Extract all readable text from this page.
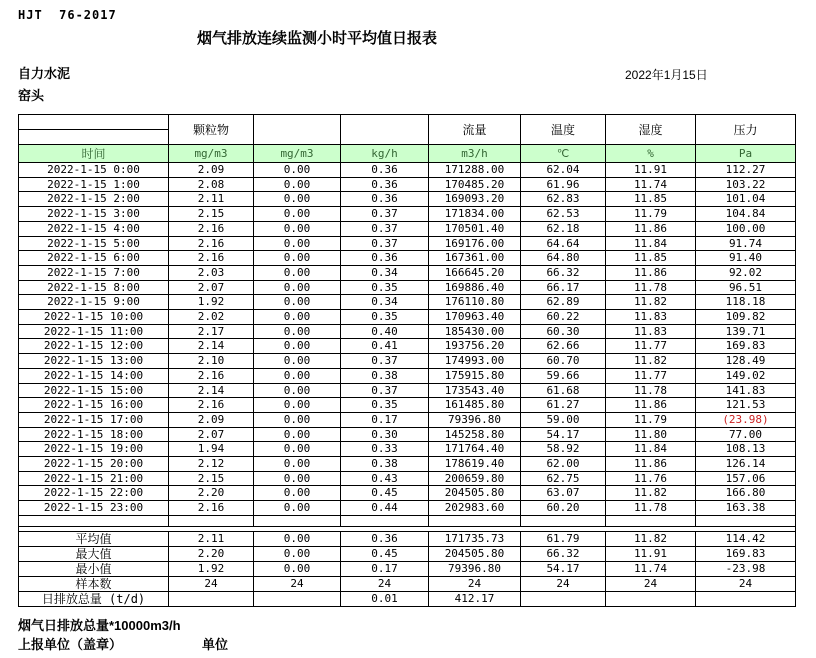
HJT  76-2017
烟气排放连续监测小时平均值日报表
自力水泥
窑头
2022年1月15日
	颗粒物			流量	温度	湿度	压力
时间	mg/m3	mg/m3	kg/h	m3/h	℃	%	Pa
2022-1-15 0:00	2.09	0.00	0.36	171288.00	62.04	11.91	112.27
2022-1-15 1:00	2.08	0.00	0.36	170485.20	61.96	11.74	103.22
2022-1-15 2:00	2.11	0.00	0.36	169093.20	62.83	11.85	101.04
2022-1-15 3:00	2.15	0.00	0.37	171834.00	62.53	11.79	104.84
2022-1-15 4:00	2.16	0.00	0.37	170501.40	62.18	11.86	100.00
2022-1-15 5:00	2.16	0.00	0.37	169176.00	64.64	11.84	91.74
2022-1-15 6:00	2.16	0.00	0.36	167361.00	64.80	11.85	91.40
2022-1-15 7:00	2.03	0.00	0.34	166645.20	66.32	11.86	92.02
2022-1-15 8:00	2.07	0.00	0.35	169886.40	66.17	11.78	96.51
2022-1-15 9:00	1.92	0.00	0.34	176110.80	62.89	11.82	118.18
2022-1-15 10:00	2.02	0.00	0.35	170963.40	60.22	11.83	109.82
2022-1-15 11:00	2.17	0.00	0.40	185430.00	60.30	11.83	139.71
2022-1-15 12:00	2.14	0.00	0.41	193756.20	62.66	11.77	169.83
2022-1-15 13:00	2.10	0.00	0.37	174993.00	60.70	11.82	128.49
2022-1-15 14:00	2.16	0.00	0.38	175915.80	59.66	11.77	149.02
2022-1-15 15:00	2.14	0.00	0.37	173543.40	61.68	11.78	141.83
2022-1-15 16:00	2.16	0.00	0.35	161485.80	61.27	11.86	121.53
2022-1-15 17:00	2.09	0.00	0.17	79396.80	59.00	11.79	(23.98)
2022-1-15 18:00	2.07	0.00	0.30	145258.80	54.17	11.80	77.00
2022-1-15 19:00	1.94	0.00	0.33	171764.40	58.92	11.84	108.13
2022-1-15 20:00	2.12	0.00	0.38	178619.40	62.00	11.86	126.14
2022-1-15 21:00	2.15	0.00	0.43	200659.80	62.75	11.76	157.06
2022-1-15 22:00	2.20	0.00	0.45	204505.80	63.07	11.82	166.80
2022-1-15 23:00	2.16	0.00	0.44	202983.60	60.20	11.78	163.38

平均值	2.11	0.00	0.36	171735.73	61.79	11.82	114.42
最大值	2.20	0.00	0.45	204505.80	66.32	11.91	169.83
最小值	1.92	0.00	0.17	79396.80	54.17	11.74	-23.98
样本数	24	24	24	24	24	24	24
日排放总量 (t/d)			0.01	412.17			
烟气日排放总量*10000m3/h
上报单位（盖章）	单位
